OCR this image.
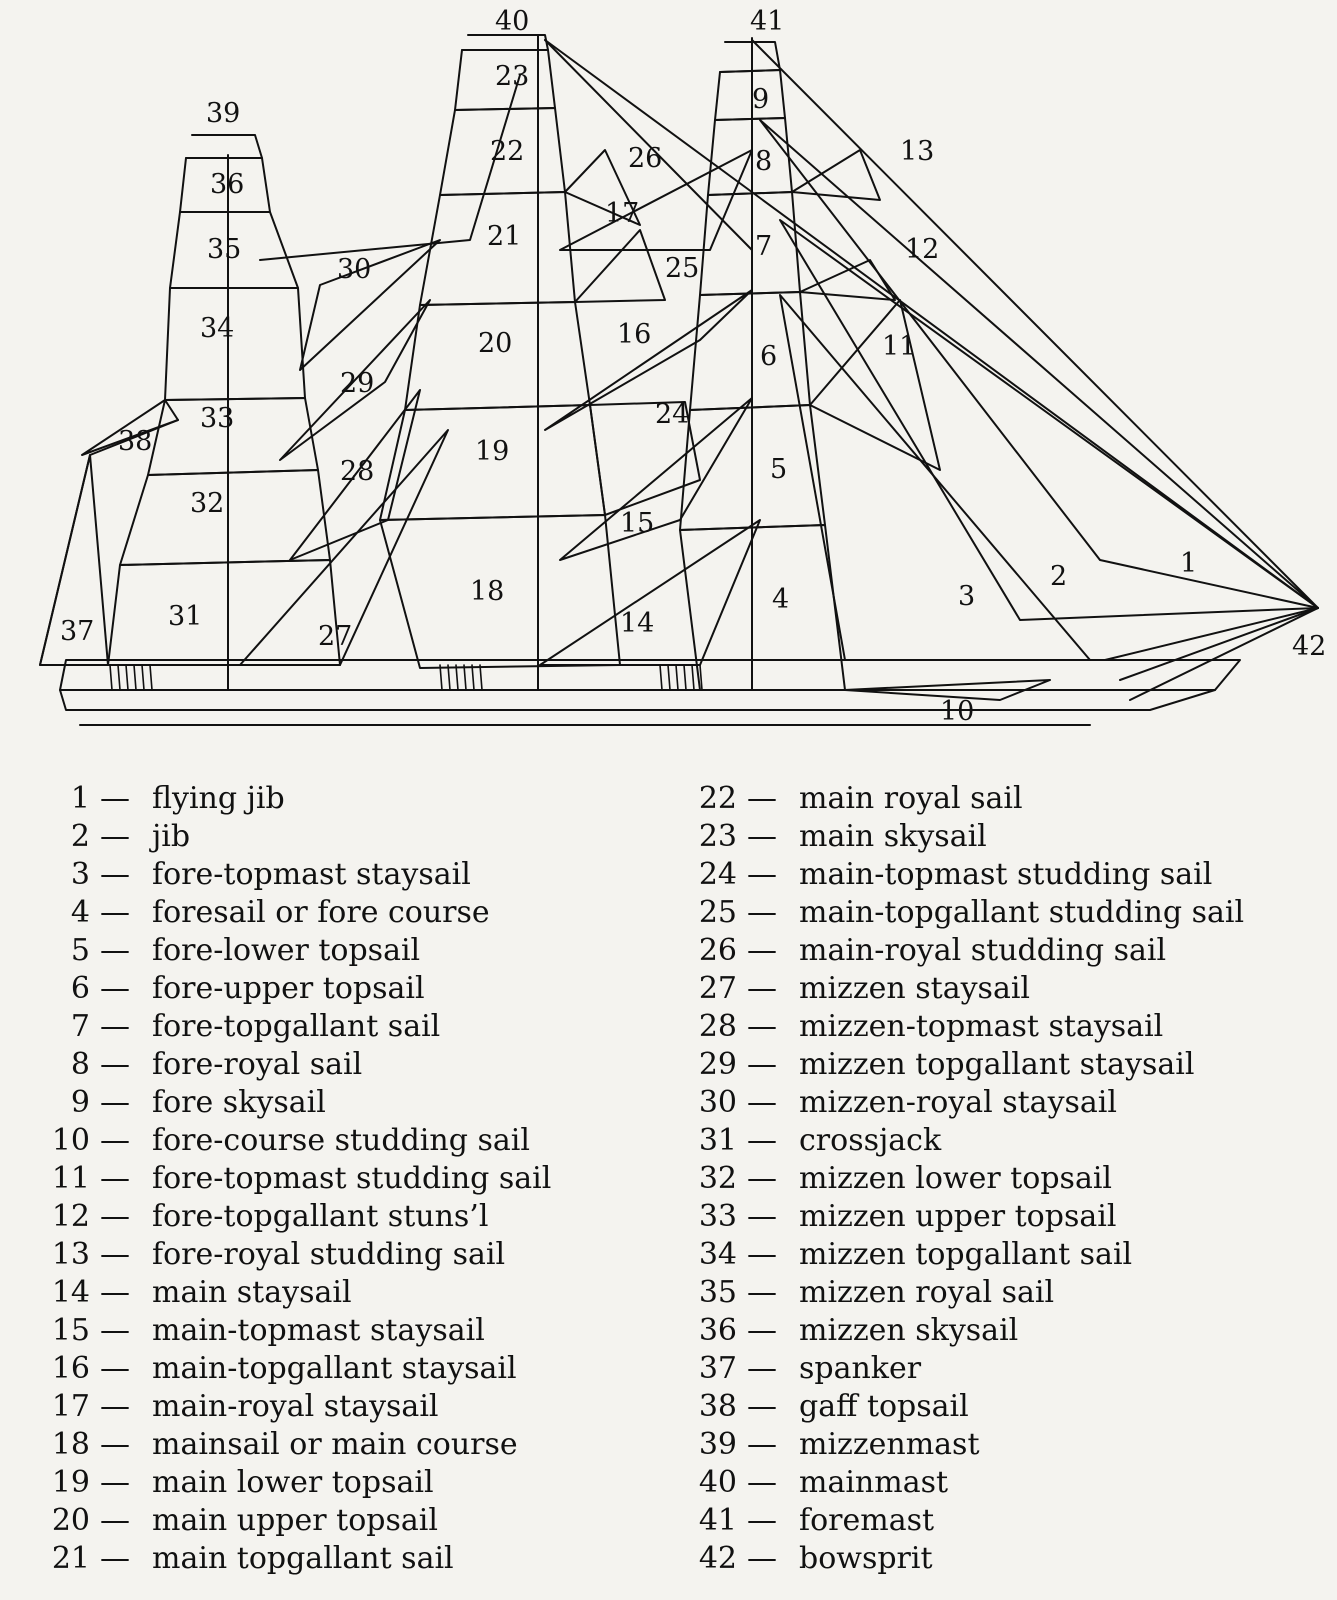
1
2
3
4
5
6
7
8
9
10
11
12
13
14
15
16
17
18
19
20
21
22
23
24
25
26
27
28
29
30
31
32
33
34
35
36
37
38
39
40	41
42
1 — flying jib
2 — jib
3 — fore-topmast staysail
4 — foresail or fore course
5 — fore-lower topsail
6 — fore-upper topsail
7 — fore-topgallant sail
8 — fore-royal sail
9 — fore skysail
10 — fore-course studding sail
11 — fore-topmast studding sail
12 — fore-topgallant stuns’l
13 — fore-royal studding sail
14 — main staysail
15 — main-topmast staysail
16 — main-topgallant staysail
17 — main-royal staysail
18 — mainsail or main course
19 — main lower topsail
20 — main upper topsail
21 — main topgallant sail
22 — main royal sail
23 — main skysail
24 — main-topmast studding sail
25 — main-topgallant studding sail
26 — main-royal studding sail
27 — mizzen staysail
28 — mizzen-topmast staysail
29 — mizzen topgallant staysail
30 — mizzen-royal staysail
31 — crossjack
32 — mizzen lower topsail
33 — mizzen upper topsail
34 — mizzen topgallant sail
35 — mizzen royal sail
36 — mizzen skysail
37 — spanker
38 — gaff topsail
39 — mizzenmast
40 — mainmast
41 — foremast
42 — bowsprit
